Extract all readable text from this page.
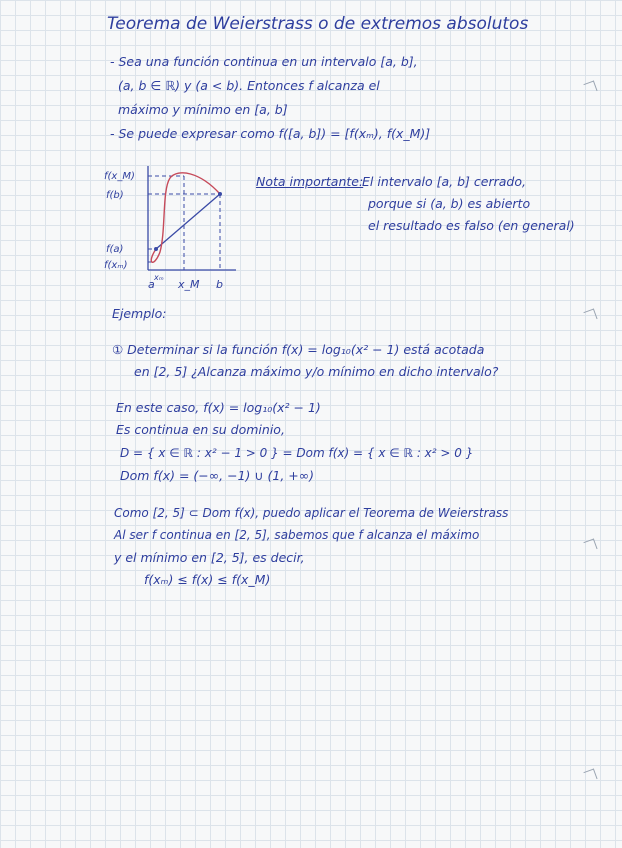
Teorema de Weierstrass o de extremos absolutos
- Sea una función continua en un intervalo [a, b],
(a, b ∈ ℝ) y (a < b). Entonces f alcanza el
máximo y mínimo en [a, b]
- Se puede expresar como f([a, b]) = [f(xₘ), f(x_M)]
f(x_M)
f(b)
f(a)
f(xₘ)
a
xₘ
x_M b
Nota importante:
El intervalo [a, b] cerrado,
porque si (a, b) es abierto
el resultado es falso (en general)
Ejemplo:
① Determinar si la función f(x) = log₁₀(x² − 1) está acotada
en [2, 5] ¿Alcanza máximo y/o mínimo en dicho intervalo?
En este caso, f(x) = log₁₀(x² − 1)
Es continua en su dominio,
D = { x ∈ ℝ : x² − 1 > 0 } = Dom f(x) = { x ∈ ℝ : x² > 0 }
Dom f(x) = (−∞, −1) ∪ (1, +∞)
Como [2, 5] ⊂ Dom f(x), puedo aplicar el Teorema de Weierstrass
Al ser f continua en [2, 5], sabemos que f alcanza el máximo
y el mínimo en [2, 5], es decir,
f(xₘ) ≤ f(x) ≤ f(x_M)
